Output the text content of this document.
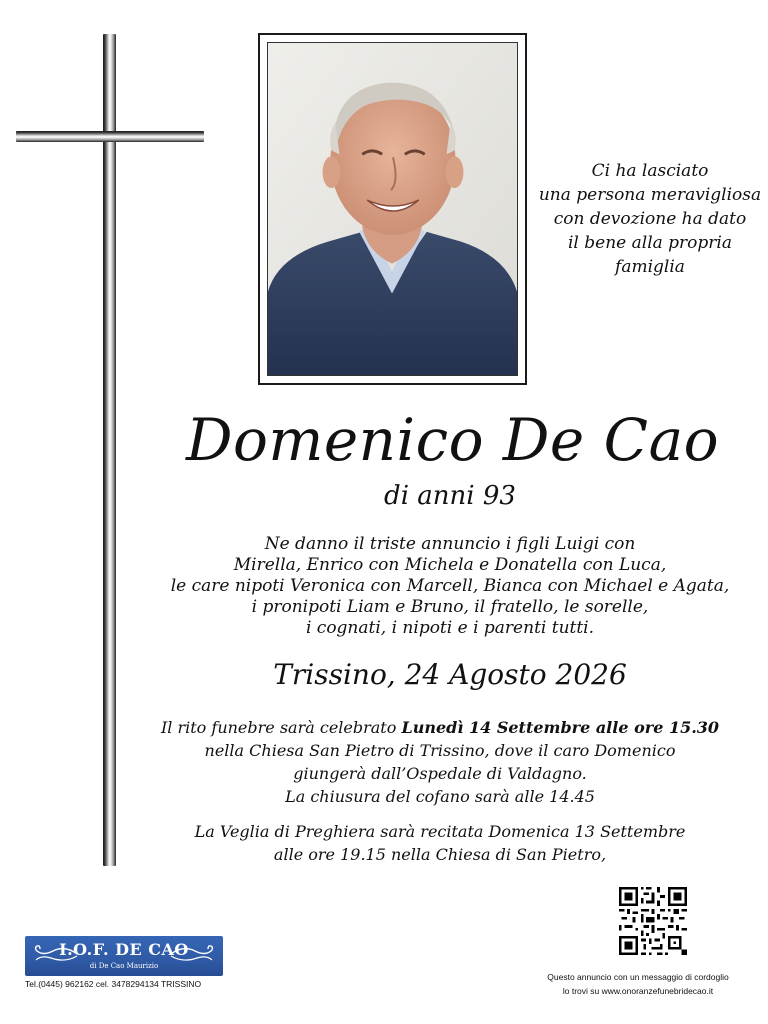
Ci ha lasciato
una persona meravigliosa
con devozione ha dato
il bene alla propria
famiglia
Domenico De Cao
di anni 93
Ne danno il triste annuncio i figli Luigi con
Mirella, Enrico con Michela e Donatella con Luca,
le care nipoti Veronica con Marcell, Bianca con Michael e Agata,
i pronipoti Liam e Bruno, il fratello, le sorelle,
i cognati, i nipoti e i parenti tutti.
Trissino, 24 Agosto 2026
Il rito funebre sarà celebrato Lunedì 14 Settembre alle ore 15.30
nella Chiesa San Pietro di Trissino, dove il caro Domenico
giungerà dall’Ospedale di Valdagno.
La chiusura del cofano sarà alle 14.45
La Veglia di Preghiera sarà recitata Domenica 13 Settembre
alle ore 19.15 nella Chiesa di San Pietro,
Questo annuncio con un messaggio di cordoglio
lo trovi su www.onoranzefunebridecao.it
I.O.F. DE CAO
di De Cao Maurizio
Tel.(0445) 962162 cel. 3478294134 TRISSINO
